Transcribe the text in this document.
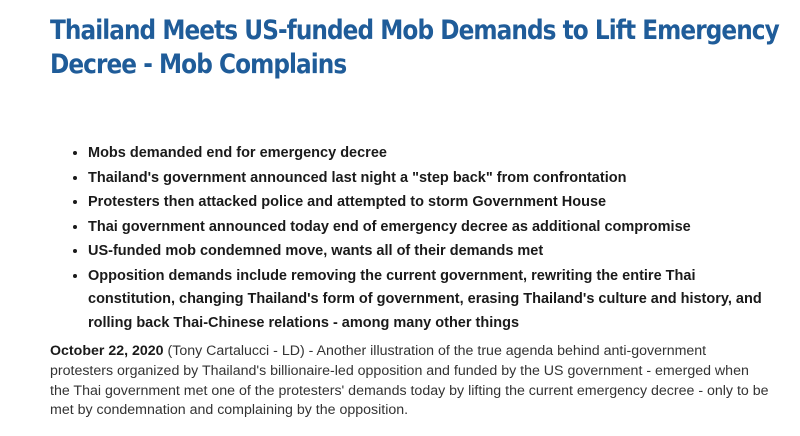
Thailand Meets US-funded Mob Demands to Lift Emergency
Decree - Mob Complains
• Mobs demanded end for emergency decree
• Thailand's government announced last night a "step back" from confrontation
• Protesters then attacked police and attempted to storm Government House
• Thai government announced today end of emergency decree as additional compromise
• US-funded mob condemned move, wants all of their demands met
• Opposition demands include removing the current government, rewriting the entire Thai constitution, changing Thailand's form of government, erasing Thailand's culture and history, and rolling back Thai-Chinese relations - among many other things

October 22, 2020 (Tony Cartalucci - LD) - Another illustration of the true agenda behind anti-government protesters organized by Thailand's billionaire-led opposition and funded by the US government - emerged when the Thai government met one of the protesters' demands today by lifting the current emergency decree - only to be met by condemnation and complaining by the opposition.
